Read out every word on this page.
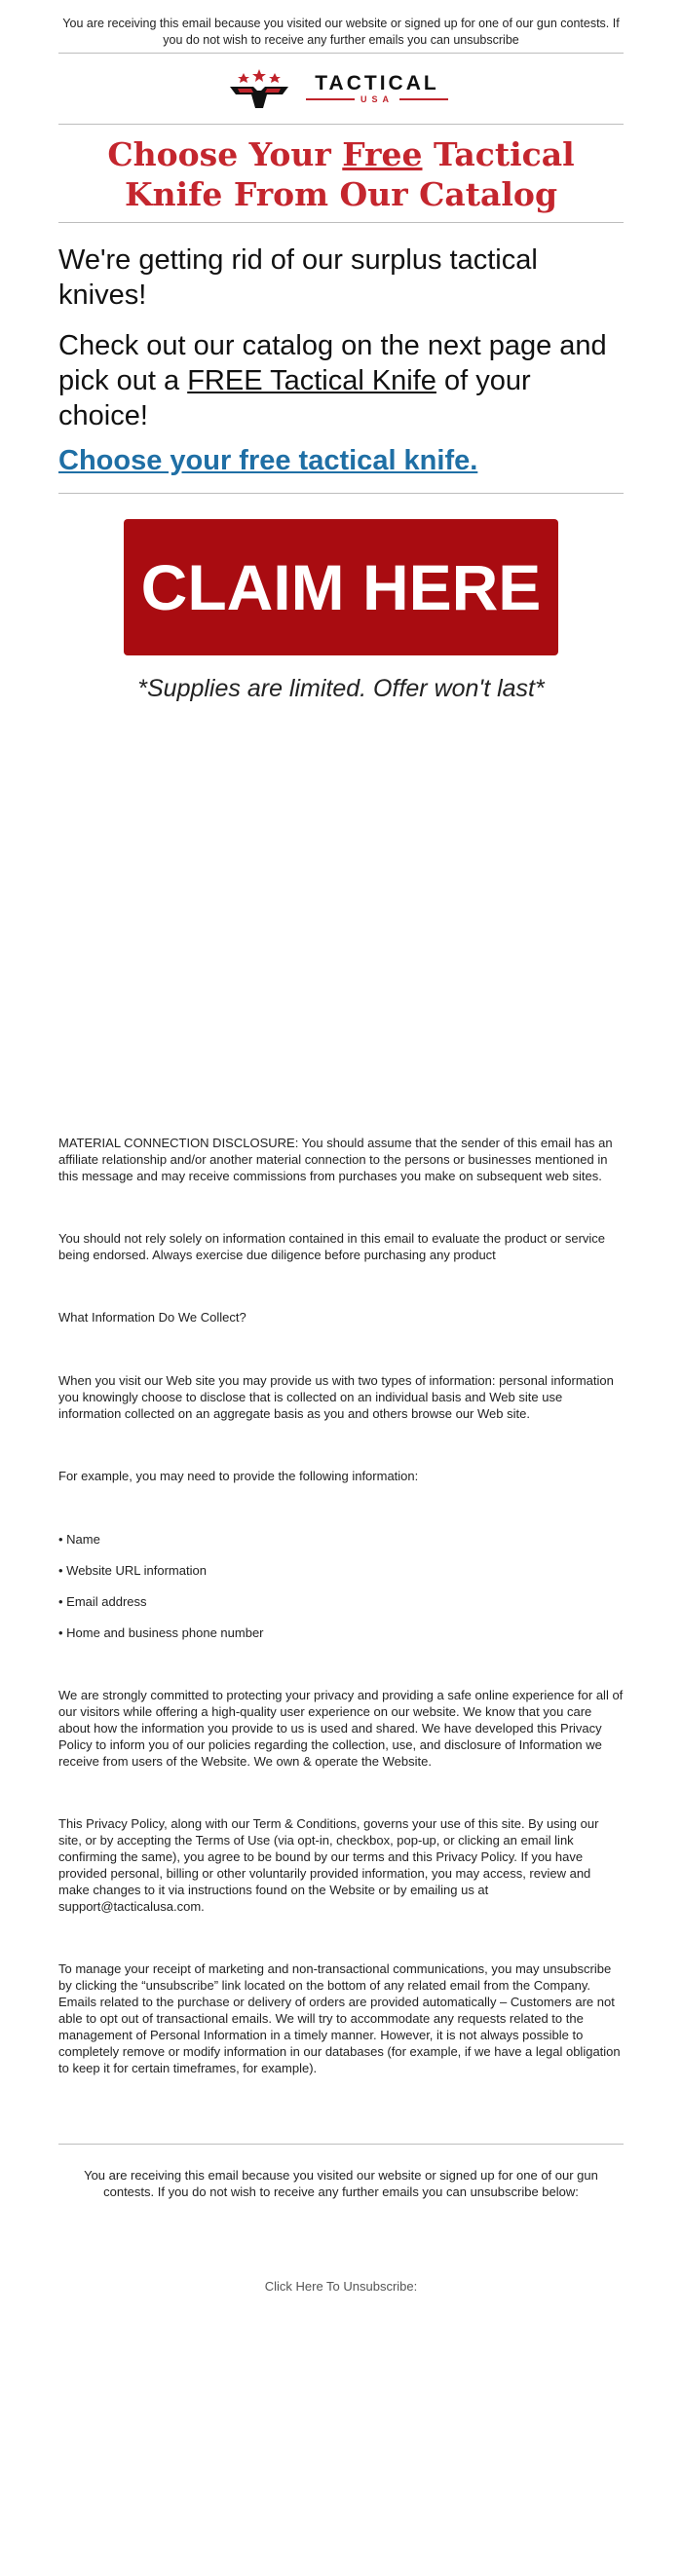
You are receiving this email because you visited our website or signed up for one of our gun contests. If you do not wish to receive any further emails you can unsubscribe
TACTICAL
USA
Choose Your Free Tactical Knife From Our Catalog

We're getting rid of our surplus tactical knives!

Check out our catalog on the next page and pick out a FREE Tactical Knife of your choice!

Choose your free tactical knife.
CLAIM HERE
*Supplies are limited. Offer won't last*

MATERIAL CONNECTION DISCLOSURE: You should assume that the sender of this email has an affiliate relationship and/or another material connection to the persons or businesses mentioned in this message and may receive commissions from purchases you make on subsequent web sites.

You should not rely solely on information contained in this email to evaluate the product or service being endorsed. Always exercise due diligence before purchasing any product

What Information Do We Collect?

When you visit our Web site you may provide us with two types of information: personal information you knowingly choose to disclose that is collected on an individual basis and Web site use information collected on an aggregate basis as you and others browse our Web site.

For example, you may need to provide the following information:

• Name

• Website URL information

• Email address

• Home and business phone number

We are strongly committed to protecting your privacy and providing a safe online experience for all of our visitors while offering a high-quality user experience on our website. We know that you care about how the information you provide to us is used and shared. We have developed this Privacy Policy to inform you of our policies regarding the collection, use, and disclosure of Information we receive from users of the Website. We own & operate the Website.

This Privacy Policy, along with our Term & Conditions, governs your use of this site. By using our site, or by accepting the Terms of Use (via opt-in, checkbox, pop-up, or clicking an email link confirming the same), you agree to be bound by our terms and this Privacy Policy. If you have provided personal, billing or other voluntarily provided information, you may access, review and make changes to it via instructions found on the Website or by emailing us at support@tacticalusa.com.

To manage your receipt of marketing and non-transactional communications, you may unsubscribe by clicking the “unsubscribe” link located on the bottom of any related email from the Company. Emails related to the purchase or delivery of orders are provided automatically – Customers are not able to opt out of transactional emails. We will try to accommodate any requests related to the management of Personal Information in a timely manner. However, it is not always possible to completely remove or modify information in our databases (for example, if we have a legal obligation to keep it for certain timeframes, for example).

You are receiving this email because you visited our website or signed up for one of our gun contests. If you do not wish to receive any further emails you can unsubscribe below:

Click Here To Unsubscribe:
